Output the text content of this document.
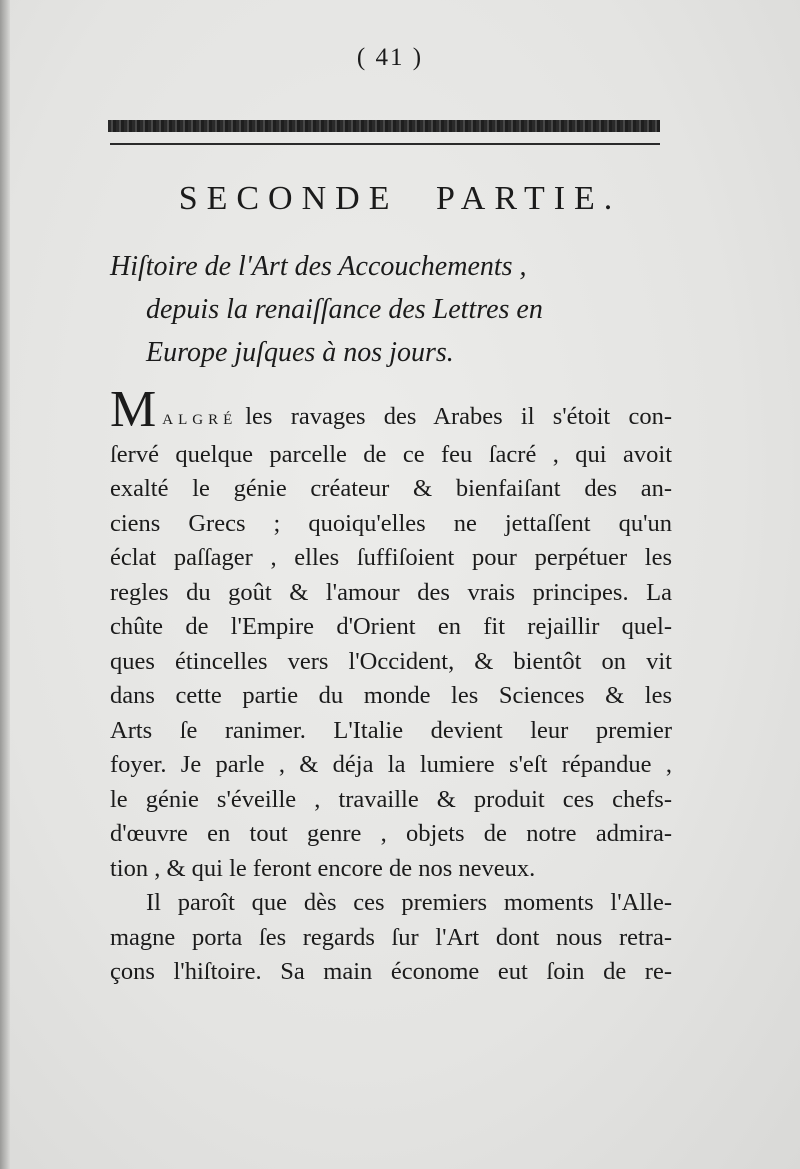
( 41 )
SECONDE PARTIE.
Hiſtoire de l'Art des Accouchements ,
depuis la renaiſſance des Lettres en
Europe juſques à nos jours.
MALGRÉ les ravages des Arabes il s'étoit con-
ſervé quelque parcelle de ce feu ſacré , qui avoit
exalté le génie créateur & bienfaiſant des an-
ciens Grecs ; quoiqu'elles ne jettaſſent qu'un
éclat paſſager , elles ſuffiſoient pour perpétuer les
regles du goût & l'amour des vrais principes. La
chûte de l'Empire d'Orient en fit rejaillir quel-
ques étincelles vers l'Occident, & bientôt on vit
dans cette partie du monde les Sciences & les
Arts ſe ranimer. L'Italie devient leur premier
foyer. Je parle , & déja la lumiere s'eſt répandue ,
le génie s'éveille , travaille & produit ces chefs-
d'œuvre en tout genre , objets de notre admira-
tion , & qui le feront encore de nos neveux.
Il paroît que dès ces premiers moments l'Alle-
magne porta ſes regards ſur l'Art dont nous retra-
çons l'hiſtoire. Sa main économe eut ſoin de re-
